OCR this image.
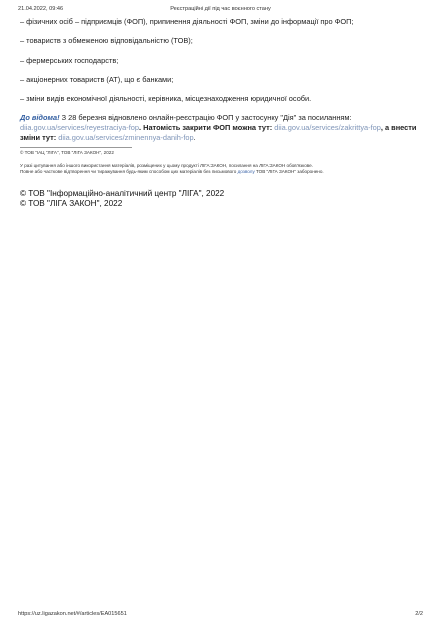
21.04.2022, 09:46	Реєстраційні дії під час воєнного стану
– фізичних осіб – підприємців (ФОП), припинення діяльності ФОП, зміни до інформації про ФОП;
– товариств з обмеженою відповідальністю (ТОВ);
– фермерських господарств;
– акціонерних товариств (АТ), що є банками;
– зміни видів економічної діяльності, керівника, місцезнаходження юридичної особи.
До відома! З 28 березня відновлено онлайн-реєстрацію ФОП у застосунку "Дія" за посиланням: diia.gov.ua/services/reyestraciya-fop. Натомість закрити ФОП можна тут: diia.gov.ua/services/zakrittya-fop, а внести зміни тут: diia.gov.ua/services/zminennya-danih-fop.
© ТОВ "ІАЦ "ЛІГА", ТОВ "ЛІГА ЗАКОН", 2022
У разі цитування або іншого використання матеріалів, розміщених у цьому продукті ЛІГА:ЗАКОН, посилання на ЛІГА:ЗАКОН обов'язкове.
Повне або часткове відтворення чи тиражування будь-яким способом цих матеріалів без письмового дозволу ТОВ "ЛІГА ЗАКОН" заборонено.
© ТОВ "Інформаційно-аналітичний центр "ЛІГА", 2022
© ТОВ "ЛІГА ЗАКОН", 2022
https://uz.ligazakon.net/#/articles/EA015651	2/2
